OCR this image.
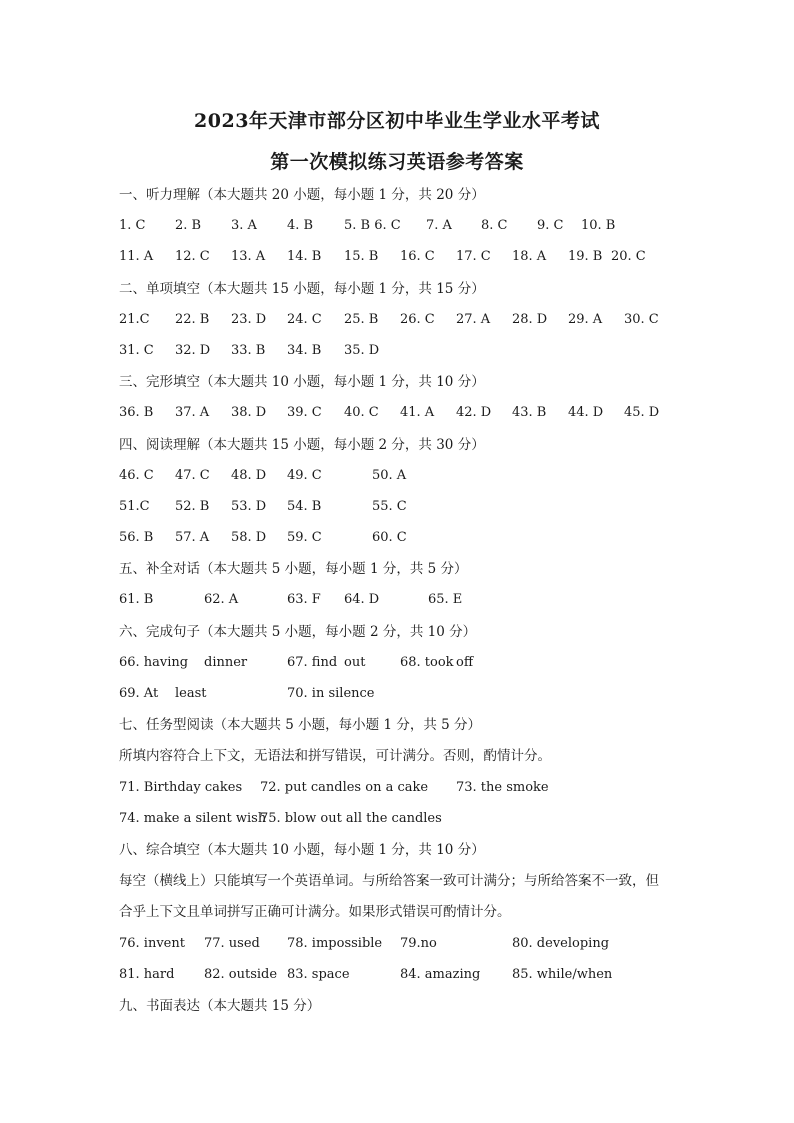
2023年天津市部分区初中毕业生学业水平考试
第一次模拟练习英语参考答案
一、听力理解（本大题共 20 小题，每小题 1 分，共 20 分）
1. C 2. B 3. A 4. B 5. B 6. C 7. A 8. C 9. C 10. B
11. A 12. C 13. A 14. B 15. B 16. C 17. C 18. A 19. B 20. C
二、单项填空（本大题共 15 小题，每小题 1 分，共 15 分）
21.C 22. B 23. D 24. C 25. B 26. C 27. A 28. D 29. A 30. C
31. C 32. D 33. B 34. B 35. D
三、完形填空（本大题共 10 小题，每小题 1 分，共 10 分）
36. B 37. A 38. D 39. C 40. C 41. A 42. D 43. B 44. D 45. D
四、阅读理解（本大题共 15 小题，每小题 2 分，共 30 分）
46. C 47. C 48. D 49. C	50. A
51.C 52. B 53. D 54. B	55. C
56. B 57. A 58. D 59. C	60. C
五、补全对话（本大题共 5 小题，每小题 1 分，共 5 分）
61. B	62. A	63. F 64. D	65. E
六、完成句子（本大题共 5 小题，每小题 2 分，共 10 分）
66. having dinner	67. find out	68. took off
69. At least	70. in silence
七、任务型阅读（本大题共 5 小题，每小题 1 分，共 5 分）
所填内容符合上下文，无语法和拼写错误，可计满分。否则，酌情计分。
71. Birthday cakes 72. put candles on a cake 73. the smoke
74. make a silent wish
75. blow out all the candles
八、综合填空（本大题共 10 小题，每小题 1 分，共 10 分）
每空（横线上）只能填写一个英语单词。与所给答案一致可计满分；与所给答案不一致，但
合乎上下文且单词拼写正确可计满分。如果形式错误可酌情计分。
76. invent 77. used 78. impossible 79.no	80. developing
81. hard 82. outside 83. space	84. amazing 85. while/when
九、书面表达（本大题共 15 分）
